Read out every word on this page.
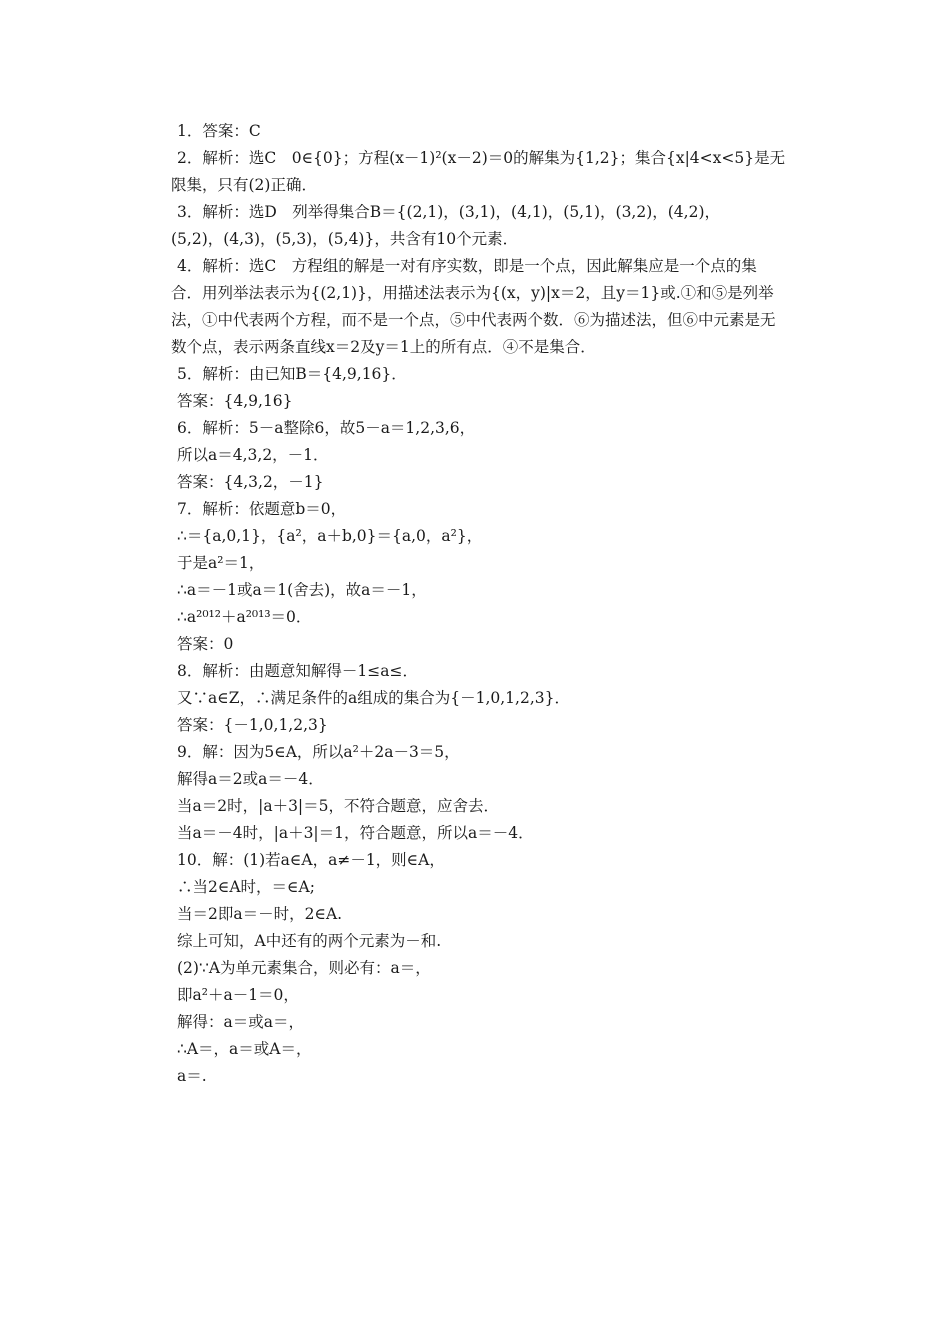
1．答案：C
2．解析：选C　0∈{0}；方程(x－1)²(x－2)＝0的解集为{1,2}；集合{x|4<x<5}是无
限集，只有(2)正确．
3．解析：选D　列举得集合B＝{(2,1)，(3,1)，(4,1)，(5,1)，(3,2)，(4,2)，
(5,2)，(4,3)，(5,3)，(5,4)}，共含有10个元素．
4．解析：选C　方程组的解是一对有序实数，即是一个点，因此解集应是一个点的集
合．用列举法表示为{(2,1)}，用描述法表示为{(x，y)|x＝2，且y＝1}或.①和⑤是列举
法，①中代表两个方程，而不是一个点，⑤中代表两个数．⑥为描述法，但⑥中元素是无
数个点，表示两条直线x＝2及y＝1上的所有点．④不是集合．
5．解析：由已知B＝{4,9,16}．
答案：{4,9,16}
6．解析：5－a整除6，故5－a＝1,2,3,6，
所以a＝4,3,2，－1．
答案：{4,3,2，－1}
7．解析：依题意b＝0，
∴＝{a,0,1}，{a²，a＋b,0}＝{a,0，a²}，
于是a²＝1，
∴a＝－1或a＝1(舍去)，故a＝－1，
∴a²⁰¹²＋a²⁰¹³＝0．
答案：0
8．解析：由题意知解得－1≤a≤．
又∵a∈Z，∴满足条件的a组成的集合为{－1,0,1,2,3}．
答案：{－1,0,1,2,3}
9．解：因为5∈A，所以a²＋2a－3＝5，
解得a＝2或a＝－4．
当a＝2时，|a＋3|＝5，不符合题意，应舍去．
当a＝－4时，|a＋3|＝1，符合题意，所以a＝－4．
10．解：(1)若a∈A，a≠－1，则∈A，
∴当2∈A时，＝∈A;
当＝2即a＝－时，2∈A.
综上可知，A中还有的两个元素为－和.
(2)∵A为单元素集合，则必有：a＝，
即a²＋a－1＝0，
解得：a＝或a＝，
∴A＝，a＝或A＝，
a＝.
